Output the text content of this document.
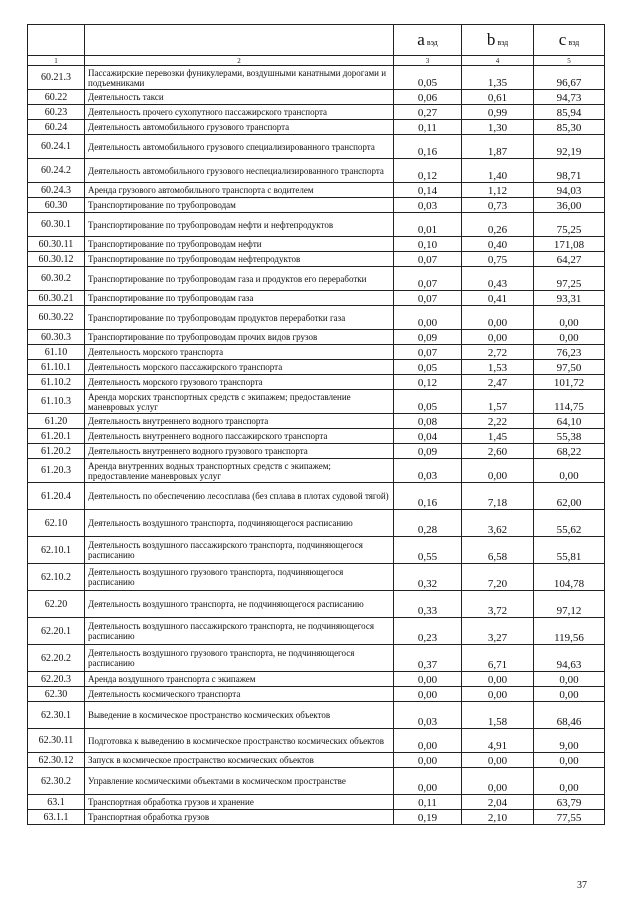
		a вэд	b вэд	c вэд
1	2	3	4	5
60.21.3	Пассажирские перевозки фуникулерами, воздушными канатными дорогами и подъемниками	0,05	1,35	96,67
60.22	Деятельность такси	0,06	0,61	94,73
60.23	Деятельность прочего сухопутного пассажирского транспорта	0,27	0,99	85,94
60.24	Деятельность автомобильного грузового транспорта	0,11	1,30	85,30
60.24.1	Деятельность автомобильного грузового специализированного транспорта	0,16	1,87	92,19
60.24.2	Деятельность автомобильного грузового неспециализированного транспорта	0,12	1,40	98,71
60.24.3	Аренда грузового автомобильного транспорта с водителем	0,14	1,12	94,03
60.30	Транспортирование по трубопроводам	0,03	0,73	36,00
60.30.1	Транспортирование по трубопроводам нефти и нефтепродуктов	0,01	0,26	75,25
60.30.11	Транспортирование по трубопроводам нефти	0,10	0,40	171,08
60.30.12	Транспортирование по трубопроводам нефтепродуктов	0,07	0,75	64,27
60.30.2	Транспортирование по трубопроводам газа и продуктов его переработки	0,07	0,43	97,25
60.30.21	Транспортирование по трубопроводам газа	0,07	0,41	93,31
60.30.22	Транспортирование по трубопроводам продуктов переработки газа	0,00	0,00	0,00
60.30.3	Транспортирование по трубопроводам прочих видов грузов	0,09	0,00	0,00
61.10	Деятельность морского транспорта	0,07	2,72	76,23
61.10.1	Деятельность морского пассажирского транспорта	0,05	1,53	97,50
61.10.2	Деятельность морского грузового транспорта	0,12	2,47	101,72
61.10.3	Аренда морских транспортных средств с экипажем; предоставление маневровых услуг	0,05	1,57	114,75
61.20	Деятельность внутреннего водного транспорта	0,08	2,22	64,10
61.20.1	Деятельность внутреннего водного пассажирского транспорта	0,04	1,45	55,38
61.20.2	Деятельность внутреннего водного грузового транспорта	0,09	2,60	68,22
61.20.3	Аренда внутренних водных транспортных средств с экипажем; предоставление маневровых услуг	0,03	0,00	0,00
61.20.4	Деятельность по обеспечению лесосплава (без сплава в плотах судовой тягой)	0,16	7,18	62,00
62.10	Деятельность воздушного транспорта, подчиняющегося расписанию	0,28	3,62	55,62
62.10.1	Деятельность воздушного пассажирского транспорта, подчиняющегося расписанию	0,55	6,58	55,81
62.10.2	Деятельность воздушного грузового транспорта, подчиняющегося расписанию	0,32	7,20	104,78
62.20	Деятельность воздушного транспорта, не подчиняющегося расписанию	0,33	3,72	97,12
62.20.1	Деятельность воздушного пассажирского транспорта, не подчиняющегося расписанию	0,23	3,27	119,56
62.20.2	Деятельность воздушного грузового транспорта, не подчиняющегося расписанию	0,37	6,71	94,63
62.20.3	Аренда воздушного транспорта с экипажем	0,00	0,00	0,00
62.30	Деятельность космического транспорта	0,00	0,00	0,00
62.30.1	Выведение в космическое пространство космических объектов	0,03	1,58	68,46
62.30.11	Подготовка к выведению в космическое пространство космических объектов	0,00	4,91	9,00
62.30.12	Запуск в космическое пространство космических объектов	0,00	0,00	0,00
62.30.2	Управление космическими объектами в космическом пространстве	0,00	0,00	0,00
63.1	Транспортная обработка грузов и хранение	0,11	2,04	63,79
63.1.1	Транспортная обработка грузов	0,19	2,10	77,55
37
